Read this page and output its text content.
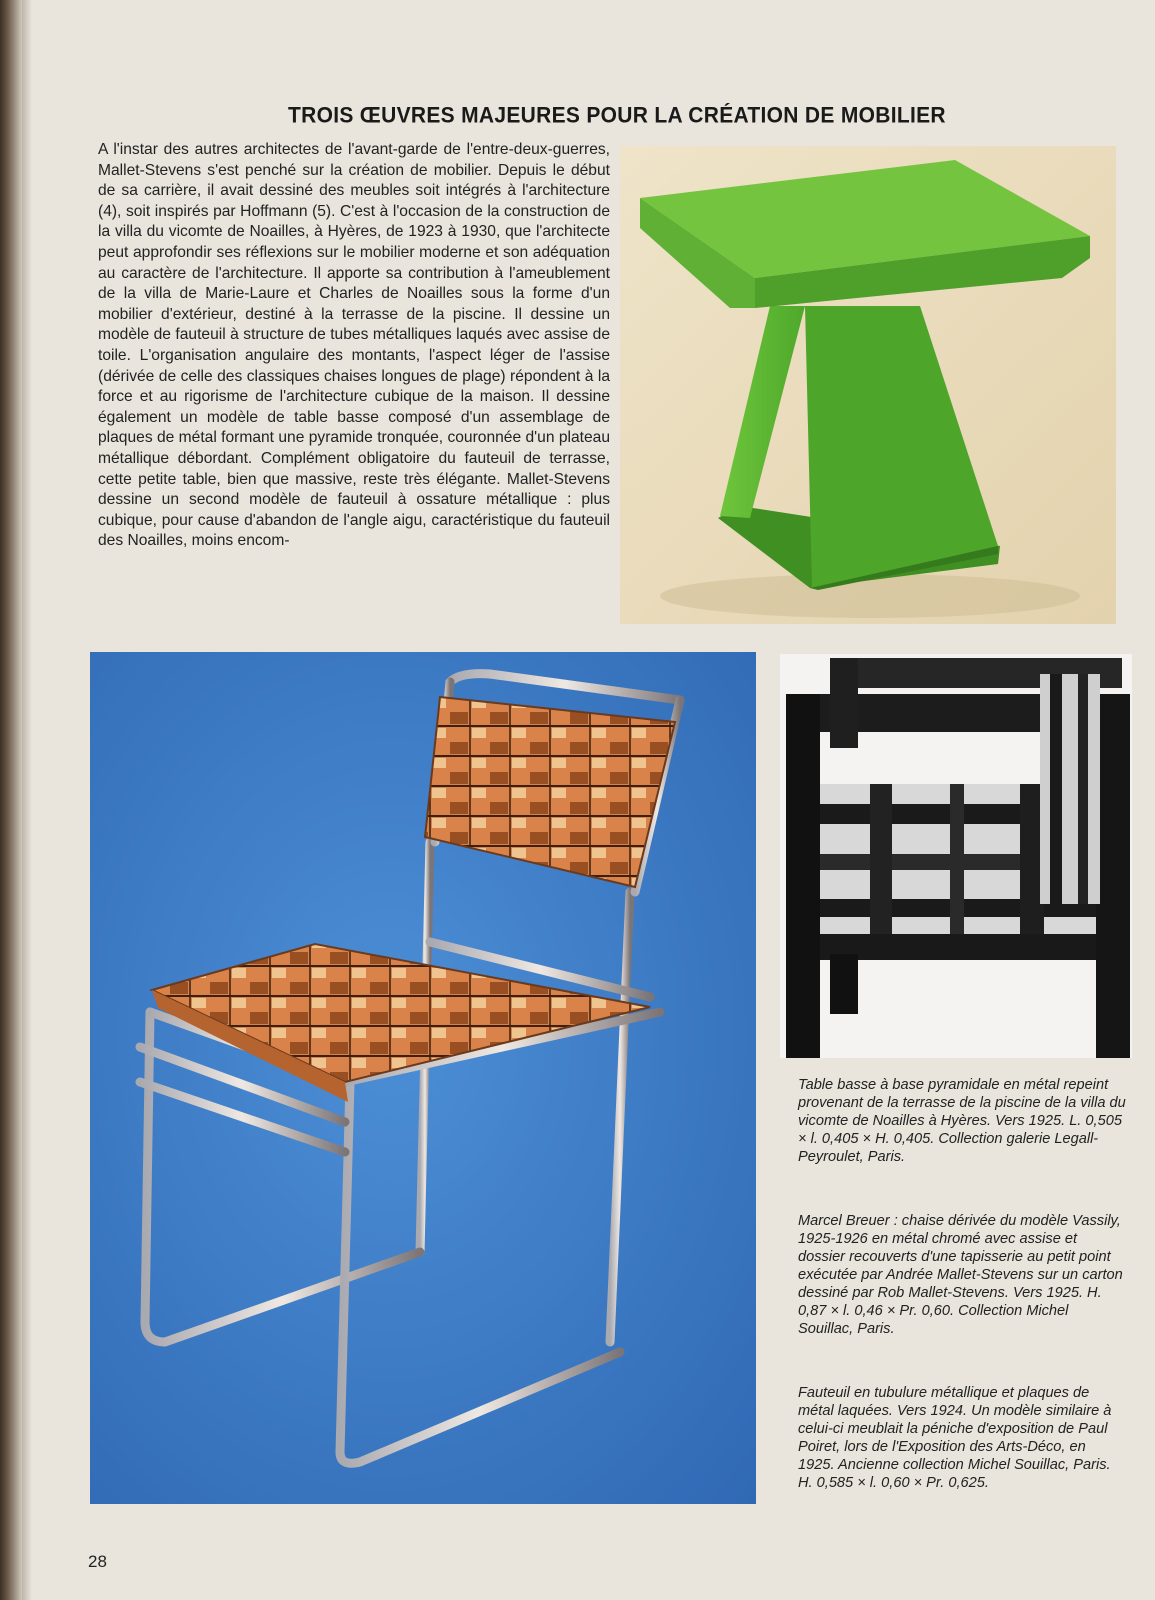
TROIS ŒUVRES MAJEURES POUR LA CRÉATION DE MOBILIER
A l'instar des autres architectes de l'avant-garde de l'entre-deux-guerres, Mallet-Stevens s'est penché sur la création de mobilier. Depuis le début de sa carrière, il avait dessiné des meubles soit intégrés à l'architecture (4), soit inspirés par Hoffmann (5). C'est à l'occasion de la construction de la villa du vicomte de Noailles, à Hyères, de 1923 à 1930, que l'architecte peut approfondir ses réflexions sur le mobilier moderne et son adéquation au caractère de l'architecture. Il apporte sa contribution à l'ameublement de la villa de Marie-Laure et Charles de Noailles sous la forme d'un mobilier d'extérieur, destiné à la terrasse de la piscine. Il dessine un modèle de fauteuil à structure de tubes métalliques laqués avec assise de toile. L'organisation angulaire des montants, l'aspect léger de l'assise (dérivée de celle des classiques chaises longues de plage) répondent à la force et au rigorisme de l'architecture cubique de la maison. Il dessine également un modèle de table basse composé d'un assemblage de plaques de métal formant une pyramide tronquée, couronnée d'un plateau métallique débordant. Complément obligatoire du fauteuil de terrasse, cette petite table, bien que massive, reste très élégante. Mallet-Stevens dessine un second modèle de fauteuil à ossature métallique : plus cubique, pour cause d'abandon de l'angle aigu, caractéristique du fauteuil des Noailles, moins encom-
Table basse à base pyramidale en métal repeint provenant de la terrasse de la piscine de la villa du vicomte de Noailles à Hyères. Vers 1925. L. 0,505 × l. 0,405 × H. 0,405. Collection galerie Legall-Peyroulet, Paris.
Marcel Breuer : chaise dérivée du modèle Vassily, 1925-1926 en métal chromé avec assise et dossier recouverts d'une tapisserie au petit point exécutée par Andrée Mallet-Stevens sur un carton dessiné par Rob Mallet-Stevens. Vers 1925. H. 0,87 × l. 0,46 × Pr. 0,60. Collection Michel Souillac, Paris.
Fauteuil en tubulure métallique et plaques de métal laquées. Vers 1924. Un modèle similaire à celui-ci meublait la péniche d'exposition de Paul Poiret, lors de l'Exposition des Arts-Déco, en 1925. Ancienne collection Michel Souillac, Paris. H. 0,585 × l. 0,60 × Pr. 0,625.
28
